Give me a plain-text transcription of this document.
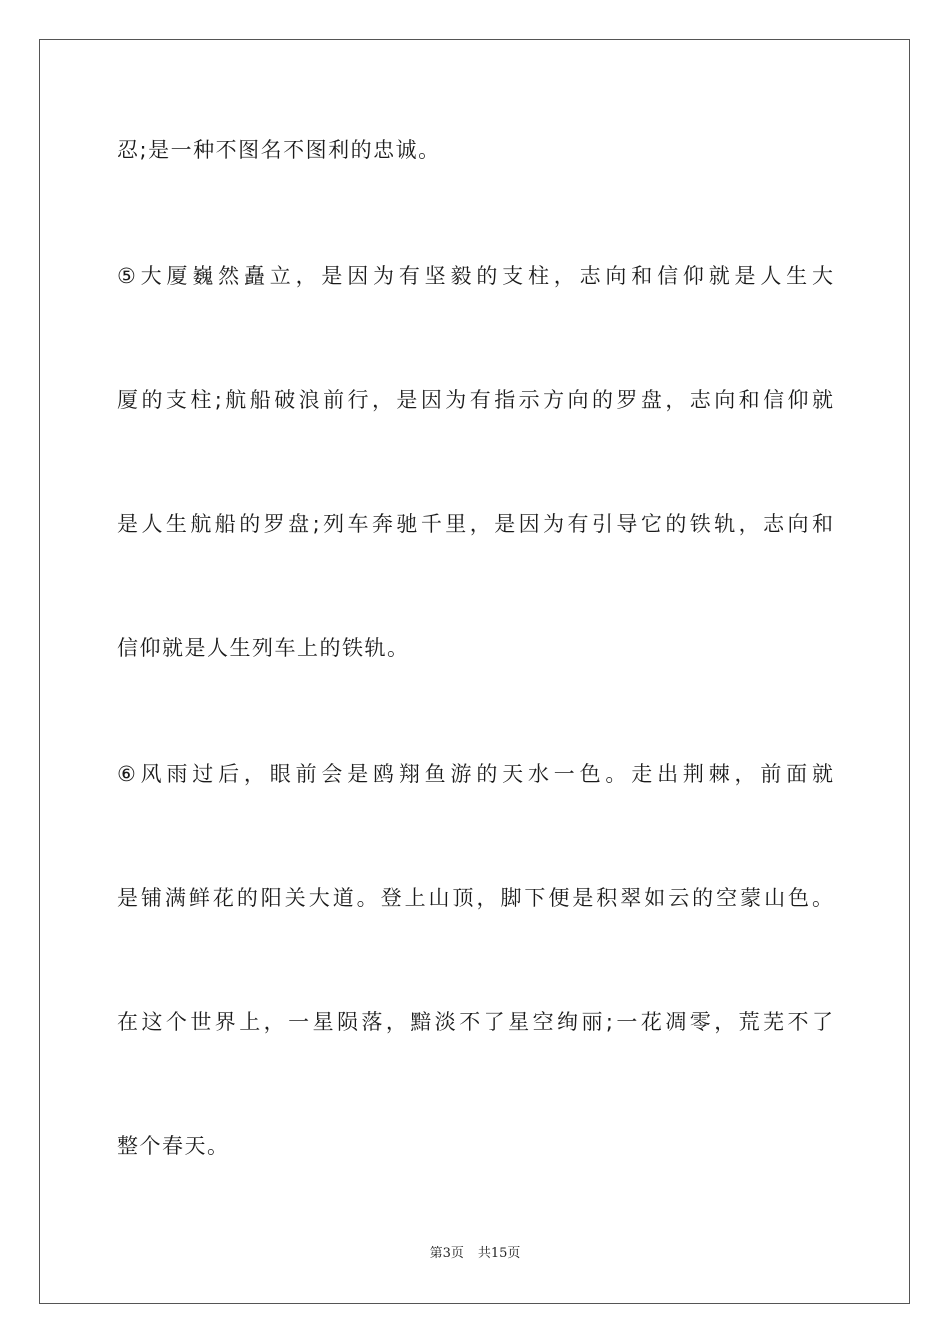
忍;是一种不图名不图利的忠诚。
⑤大厦巍然矗立，是因为有坚毅的支柱，志向和信仰就是人生大
厦的支柱;航船破浪前行，是因为有指示方向的罗盘，志向和信仰就
是人生航船的罗盘;列车奔驰千里，是因为有引导它的铁轨，志向和
信仰就是人生列车上的铁轨。
⑥风雨过后，眼前会是鸥翔鱼游的天水一色。走出荆棘，前面就
是铺满鲜花的阳关大道。登上山顶，脚下便是积翠如云的空蒙山色。
在这个世界上，一星陨落，黯淡不了星空绚丽;一花凋零，荒芜不了
整个春天。
第3页 共15页
